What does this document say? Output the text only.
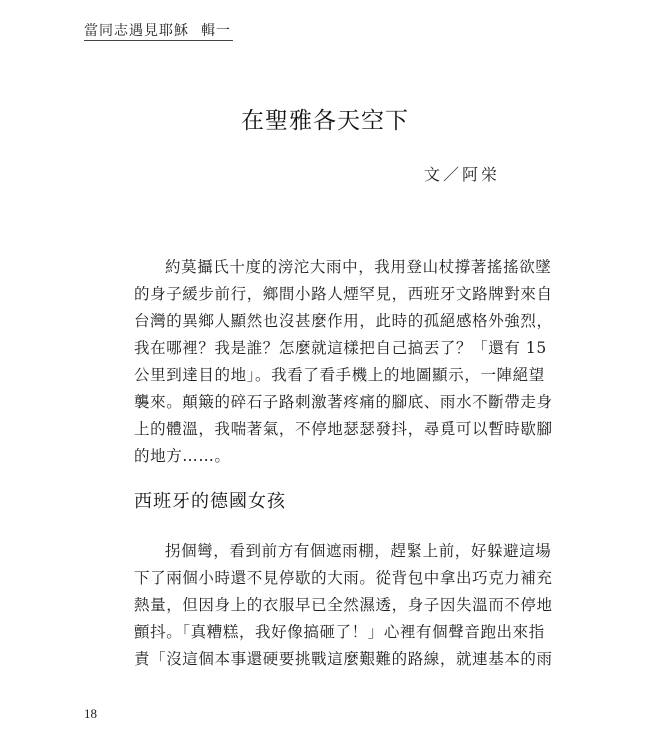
當同志遇見耶穌 輯一
在聖雅各天空下
文／阿栄
約莫攝氏十度的滂沱大雨中，我用登山杖撐著搖搖欲墜
的身子緩步前行，鄉間小路人煙罕見，西班牙文路牌對來自
台灣的異鄉人顯然也沒甚麼作用，此時的孤絕感格外強烈，
我在哪裡？我是誰？怎麼就這樣把自己搞丟了？「還有 15
公里到達目的地」。我看了看手機上的地圖顯示，一陣絕望
襲來。顛簸的碎石子路刺激著疼痛的腳底、雨水不斷帶走身
上的體溫，我喘著氣，不停地瑟瑟發抖，尋覓可以暫時歇腳
的地方……。
西班牙的德國女孩
拐個彎，看到前方有個遮雨棚，趕緊上前，好躲避這場
下了兩個小時還不見停歇的大雨。從背包中拿出巧克力補充
熱量，但因身上的衣服早已全然濕透，身子因失溫而不停地
顫抖。「真糟糕，我好像搞砸了！」心裡有個聲音跑出來指
責「沒這個本事還硬要挑戰這麼艱難的路線，就連基本的雨
18
